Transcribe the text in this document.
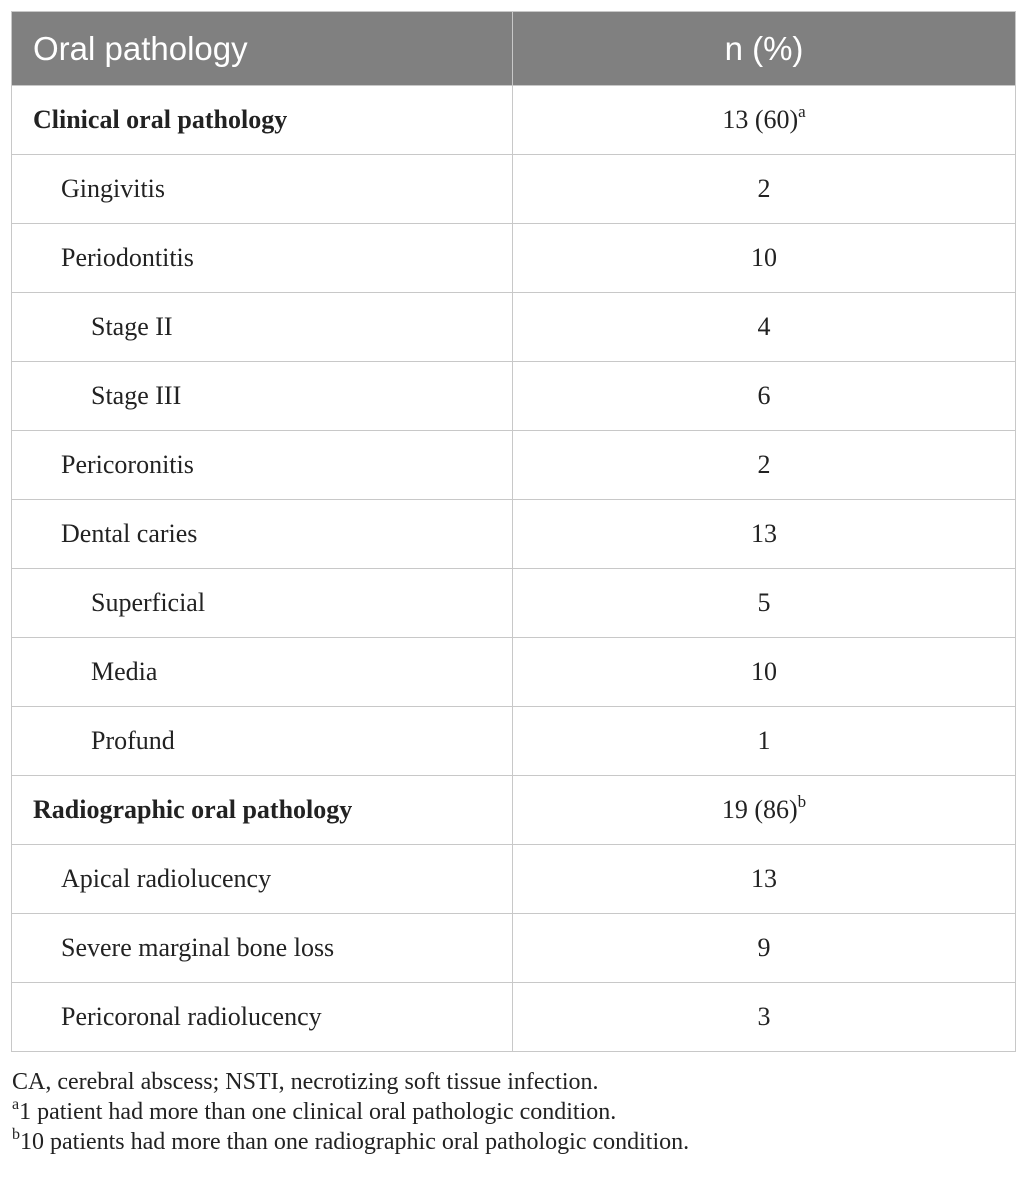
Oral pathology	n (%)
Clinical oral pathology	13 $(60)^a$
Gingivitis	2
Periodontitis	10
Stage II	4
Stage III	6
Pericoronitis	2
Dental caries	13
Superficial	5
Media	10
Profund	1
Radiographic oral pathology	19 $(86)^b$
Apical radiolucency	13
Severe marginal bone loss	9
Pericoronal radiolucency	3

CA, cerebral abscess; NSTI, necrotizing soft tissue infection.

$^a$1 patient had more than one clinical oral pathologic condition.

$^b$10 patients had more than one radiographic oral pathologic condition.
